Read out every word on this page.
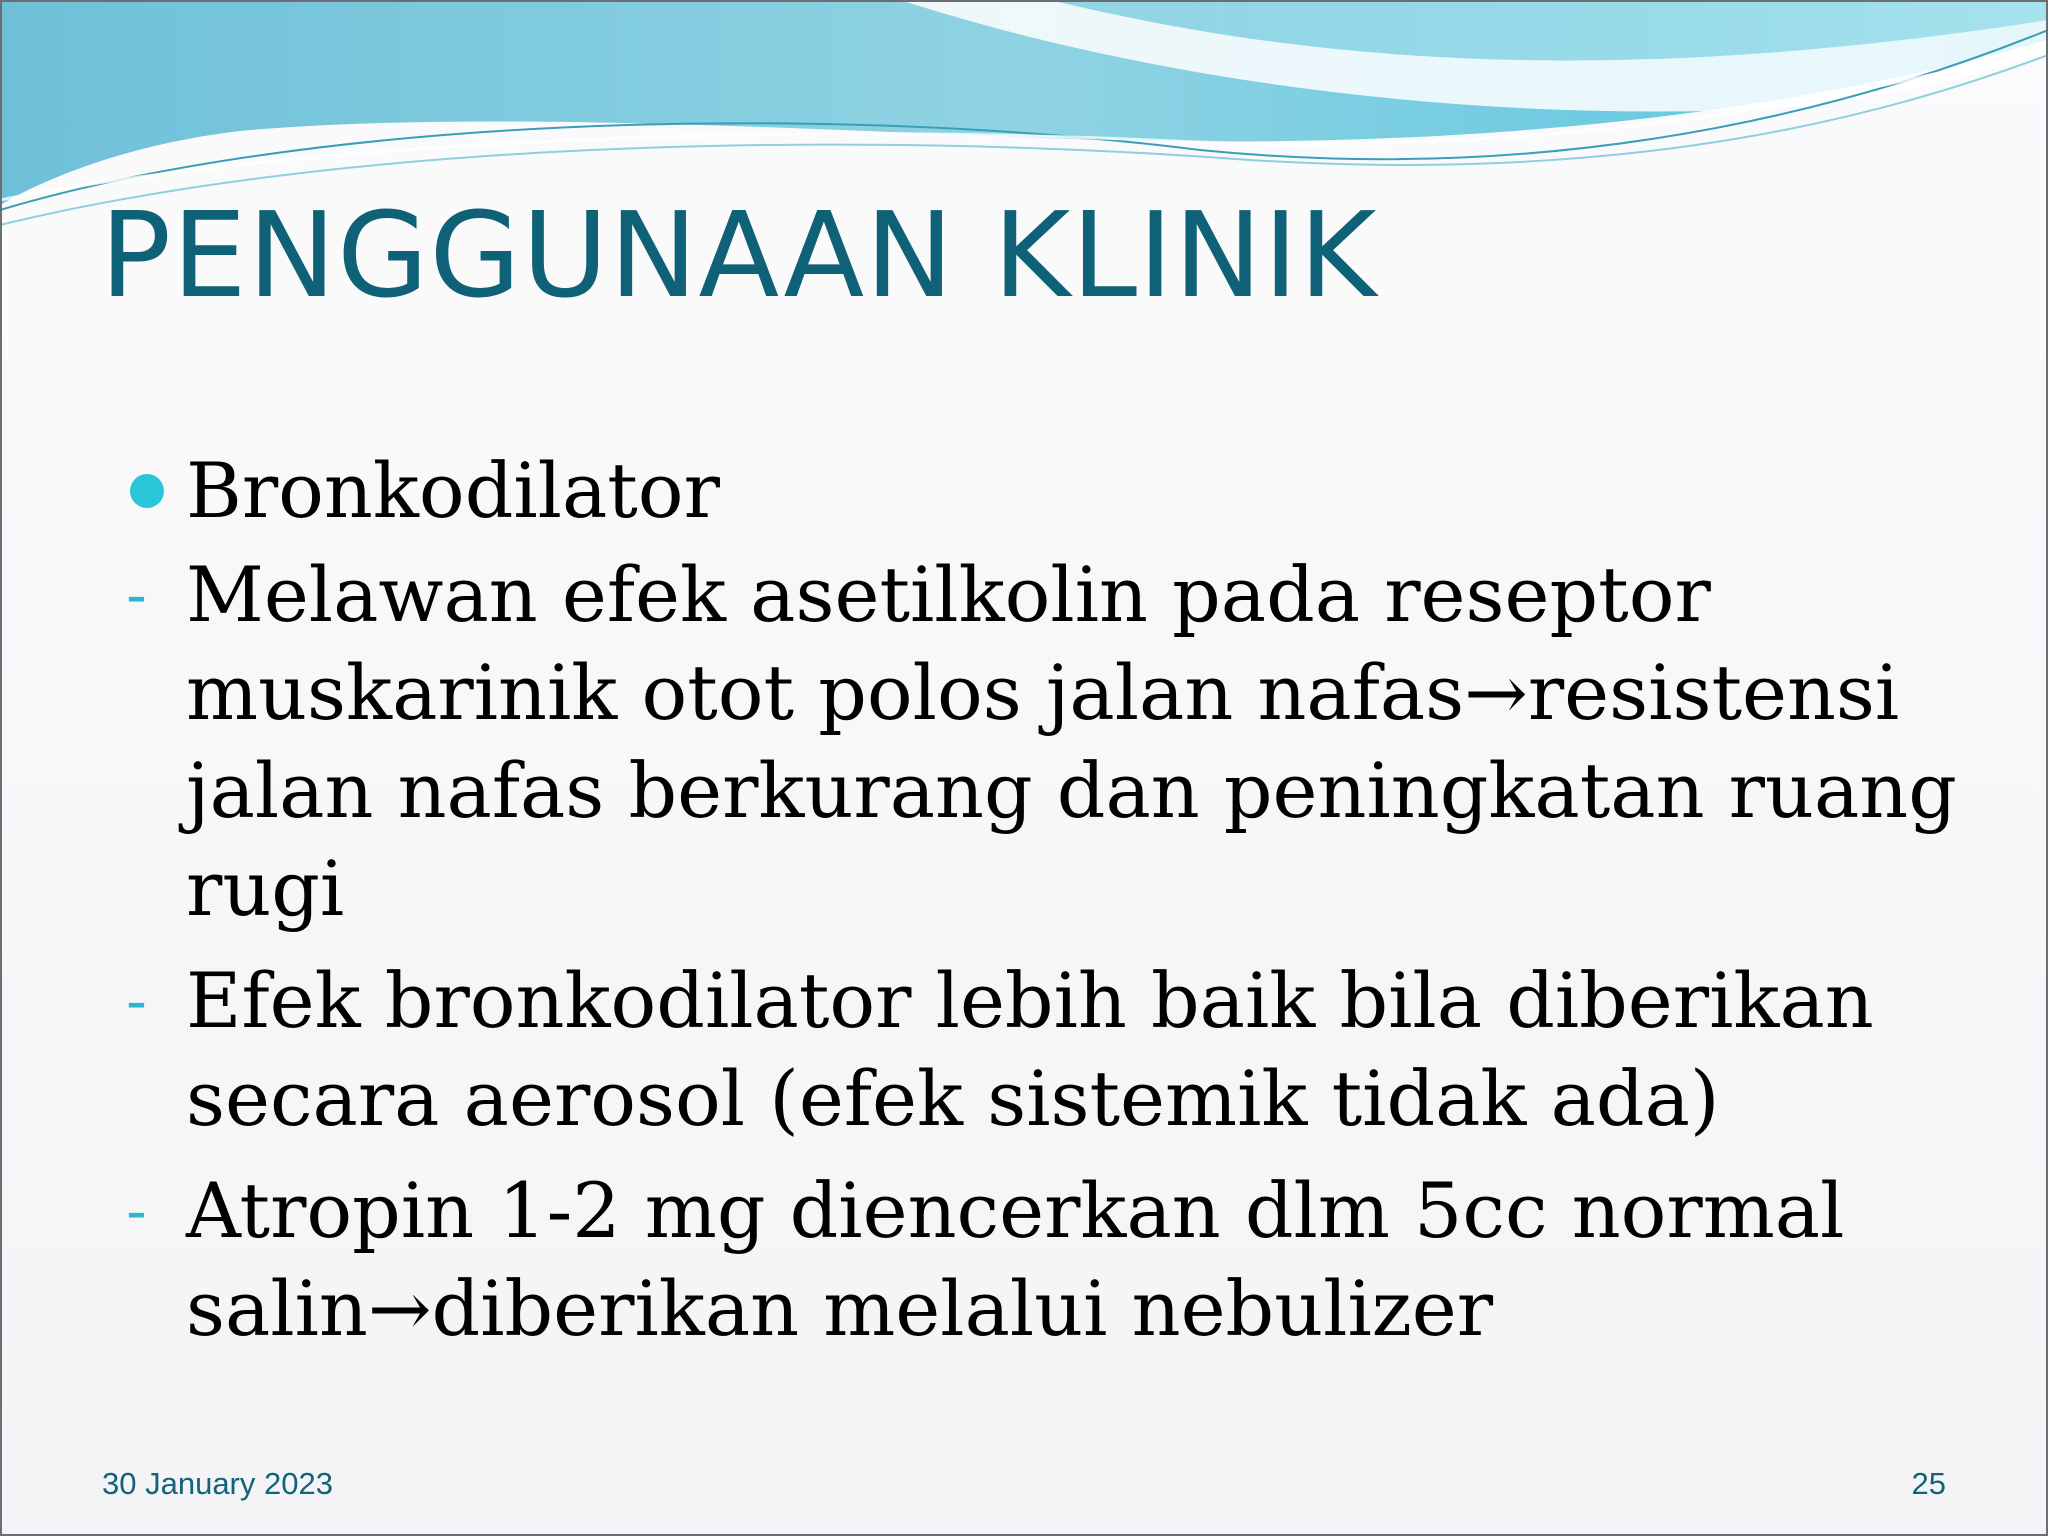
PENGGUNAAN KLINIK
Bronkodilator
- Melawan efek asetilkolin pada reseptor muskarinik otot polos jalan nafas→resistensi jalan nafas berkurang dan peningkatan ruang rugi
- Efek bronkodilator lebih baik bila diberikan secara aerosol (efek sistemik tidak ada)
- Atropin 1-2 mg diencerkan dlm 5cc normal salin→diberikan melalui nebulizer
30 January 2023	25
